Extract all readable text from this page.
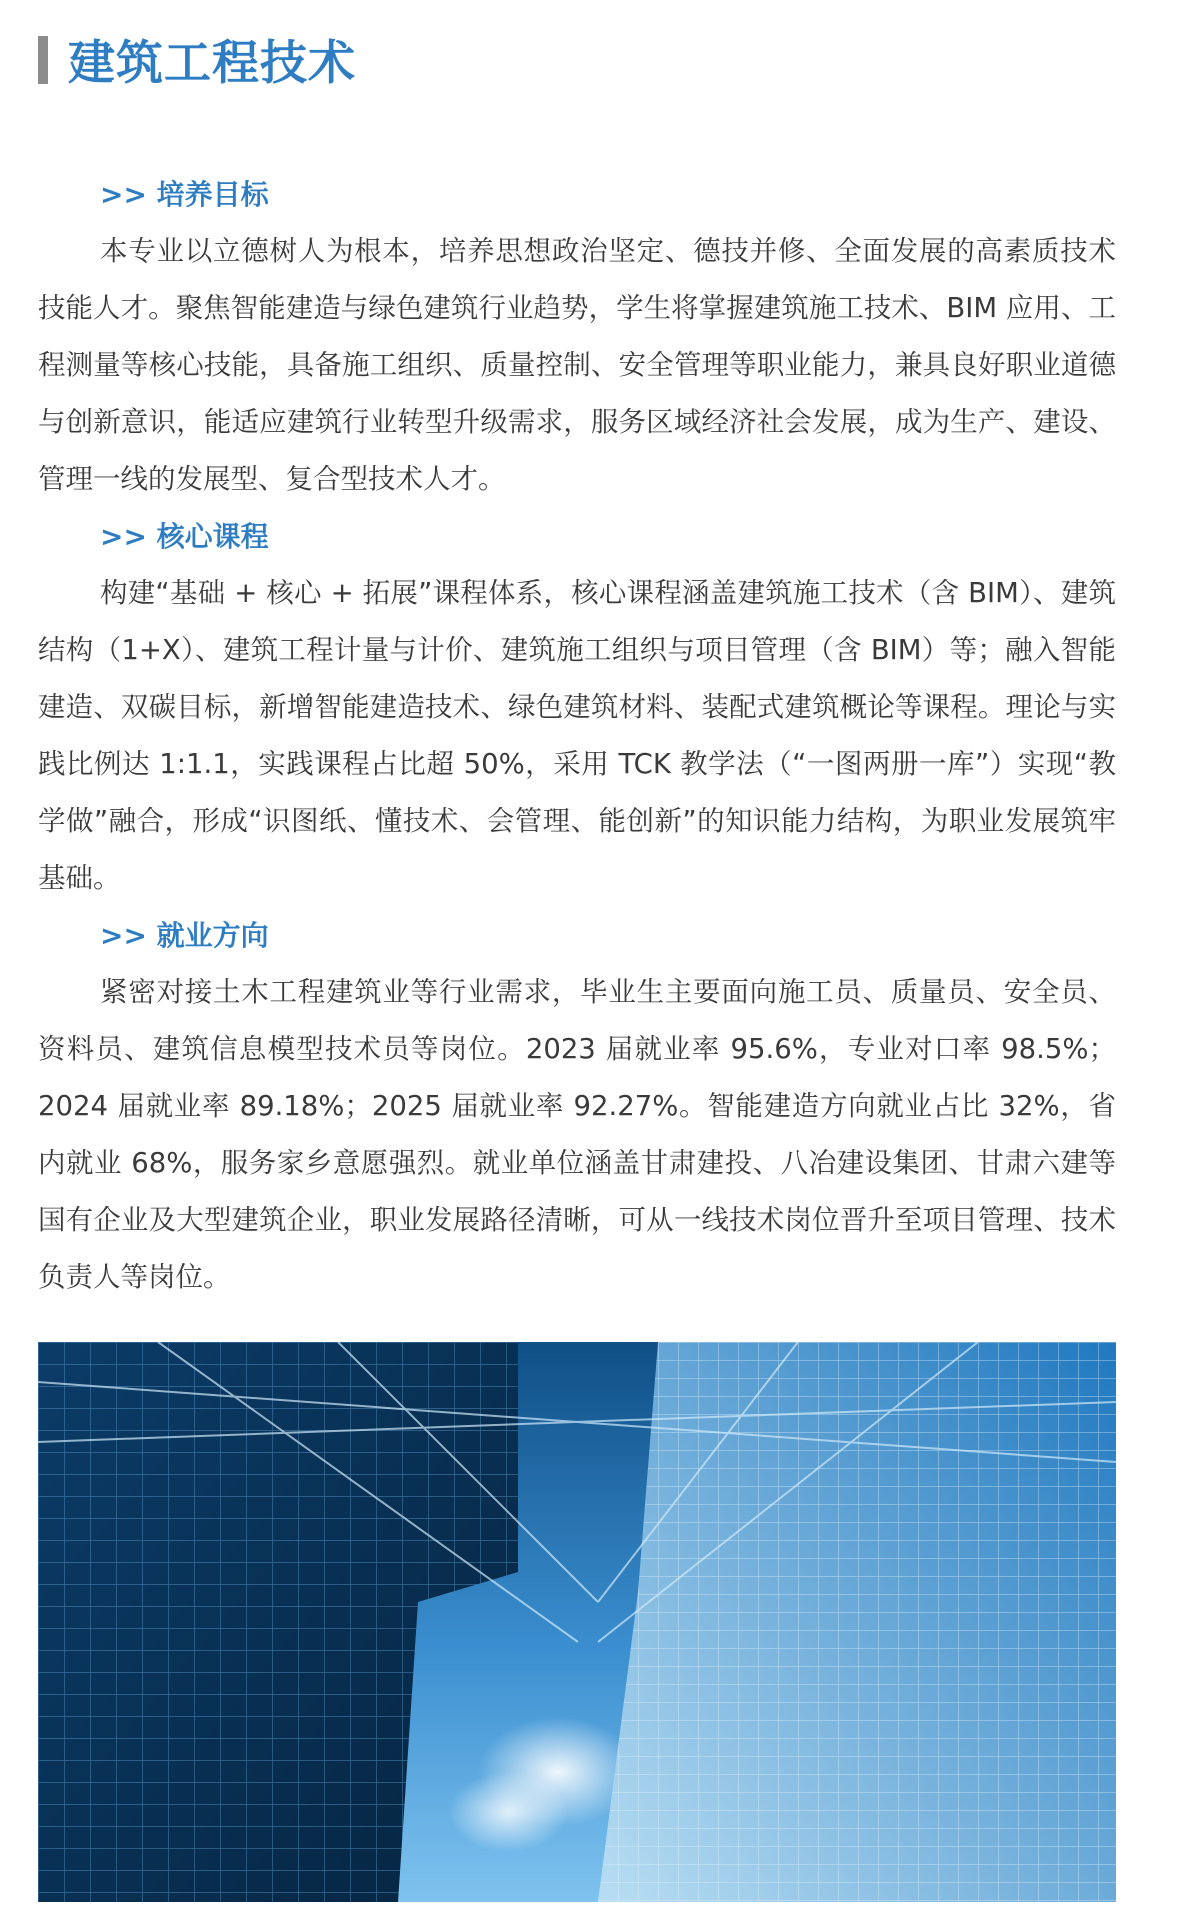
建筑工程技术
>> 培养目标

本专业以立德树人为根本，培养思想政治坚定、德技并修、全面发展的高素质技术技能人才。聚焦智能建造与绿色建筑行业趋势，学生将掌握建筑施工技术、BIM 应用、工程测量等核心技能，具备施工组织、质量控制、安全管理等职业能力，兼具良好职业道德与创新意识，能适应建筑行业转型升级需求，服务区域经济社会发展，成为生产、建设、管理一线的发展型、复合型技术人才。

>> 核心课程

构建“基础 + 核心 + 拓展”课程体系，核心课程涵盖建筑施工技术（含 BIM）、建筑结构（1+X）、建筑工程计量与计价、建筑施工组织与项目管理（含 BIM）等；融入智能建造、双碳目标，新增智能建造技术、绿色建筑材料、装配式建筑概论等课程。理论与实践比例达 1:1.1，实践课程占比超 50%，采用 TCK 教学法（“一图两册一库”）实现“教学做”融合，形成“识图纸、懂技术、会管理、能创新”的知识能力结构，为职业发展筑牢基础。

>> 就业方向

紧密对接土木工程建筑业等行业需求，毕业生主要面向施工员、质量员、安全员、资料员、建筑信息模型技术员等岗位。2023 届就业率 95.6%，专业对口率 98.5%；2024 届就业率 89.18%；2025 届就业率 92.27%。智能建造方向就业占比 32%，省内就业 68%，服务家乡意愿强烈。就业单位涵盖甘肃建投、八冶建设集团、甘肃六建等国有企业及大型建筑企业，职业发展路径清晰，可从一线技术岗位晋升至项目管理、技术负责人等岗位。
